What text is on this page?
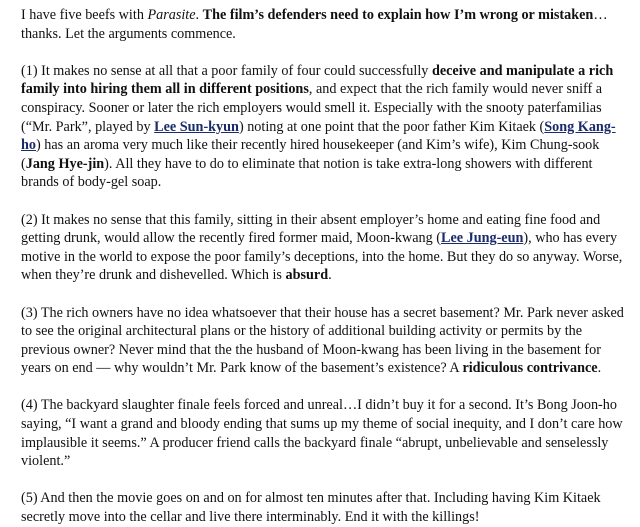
I have five beefs with Parasite. The film’s defenders need to explain how I’m wrong or mistaken… thanks. Let the arguments commence.

(1) It makes no sense at all that a poor family of four could successfully deceive and manipulate a rich family into hiring them all in different positions, and expect that the rich family would never sniff a conspiracy. Sooner or later the rich employers would smell it. Especially with the snooty paterfamilias (“Mr. Park”, played by Lee Sun-kyun) noting at one point that the poor father Kim Kitaek (Song Kang-ho) has an aroma very much like their recently hired housekeeper (and Kim’s wife), Kim Chung-sook (Jang Hye-jin). All they have to do to eliminate that notion is take extra-long showers with different brands of body-gel soap.

(2) It makes no sense that this family, sitting in their absent employer’s home and eating fine food and getting drunk, would allow the recently fired former maid, Moon-kwang (Lee Jung-eun), who has every motive in the world to expose the poor family’s deceptions, into the home. But they do so anyway. Worse, when they’re drunk and dishevelled. Which is absurd.

(3) The rich owners have no idea whatsoever that their house has a secret basement? Mr. Park never asked to see the original architectural plans or the history of additional building activity or permits by the previous owner? Never mind that the the husband of Moon-kwang has been living in the basement for years on end — why wouldn’t Mr. Park know of the basement’s existence? A ridiculous contrivance.

(4) The backyard slaughter finale feels forced and unreal…I didn’t buy it for a second. It’s Bong Joon-ho saying, “I want a grand and bloody ending that sums up my theme of social inequity, and I don’t care how implausible it seems.” A producer friend calls the backyard finale “abrupt, unbelievable and senselessly violent.”

(5) And then the movie goes on and on for almost ten minutes after that. Including having Kim Kitaek secretly move into the cellar and live there interminably. End it with the killings!
